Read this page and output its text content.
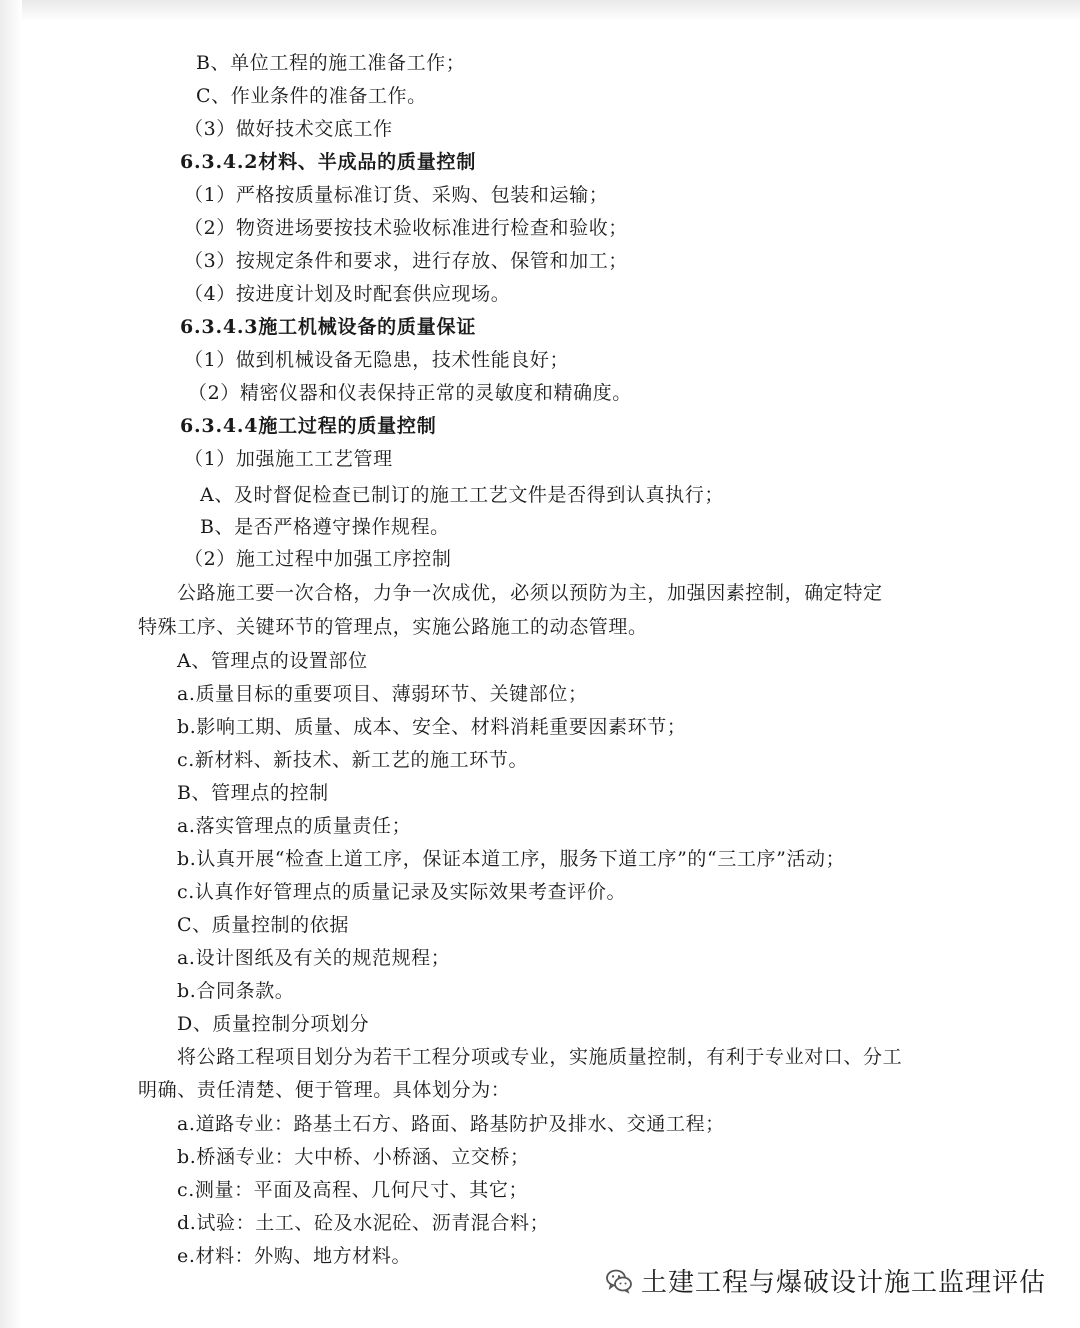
B、单位工程的施工准备工作；
C、作业条件的准备工作。
（3）做好技术交底工作
6.3.4.2材料、半成品的质量控制
（1）严格按质量标准订货、采购、包装和运输；
（2）物资进场要按技术验收标准进行检查和验收；
（3）按规定条件和要求，进行存放、保管和加工；
（4）按进度计划及时配套供应现场。
6.3.4.3施工机械设备的质量保证
（1）做到机械设备无隐患，技术性能良好；
（2）精密仪器和仪表保持正常的灵敏度和精确度。
6.3.4.4施工过程的质量控制
（1）加强施工工艺管理
A、及时督促检查已制订的施工工艺文件是否得到认真执行；
B、是否严格遵守操作规程。
（2）施工过程中加强工序控制
公路施工要一次合格，力争一次成优，必须以预防为主，加强因素控制，确定特定
特殊工序、关键环节的管理点，实施公路施工的动态管理。
A、管理点的设置部位
a.质量目标的重要项目、薄弱环节、关键部位；
b.影响工期、质量、成本、安全、材料消耗重要因素环节；
c.新材料、新技术、新工艺的施工环节。
B、管理点的控制
a.落实管理点的质量责任；
b.认真开展“检查上道工序，保证本道工序，服务下道工序”的“三工序”活动；
c.认真作好管理点的质量记录及实际效果考查评价。
C、质量控制的依据
a.设计图纸及有关的规范规程；
b.合同条款。
D、质量控制分项划分
将公路工程项目划分为若干工程分项或专业，实施质量控制，有利于专业对口、分工
明确、责任清楚、便于管理。具体划分为：
a.道路专业：路基土石方、路面、路基防护及排水、交通工程；
b.桥涵专业：大中桥、小桥涵、立交桥；
c.测量：平面及高程、几何尺寸、其它；
d.试验：土工、砼及水泥砼、沥青混合料；
e.材料：外购、地方材料。
土建工程与爆破设计施工监理评估
